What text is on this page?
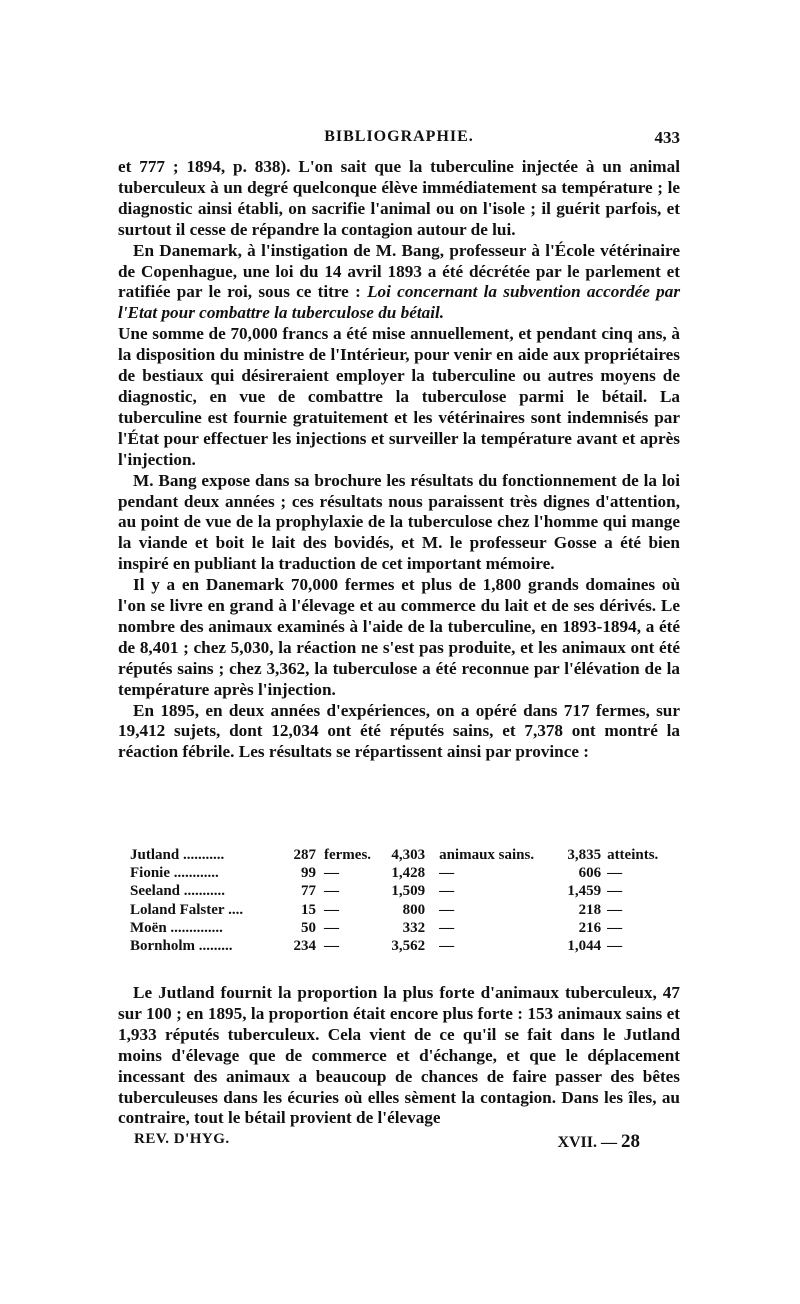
BIBLIOGRAPHIE.	433

et 777 ; 1894, p. 838). L'on sait que la tuberculine injectée à un animal tuberculeux à un degré quelconque élève immédiatement sa température ; le diagnostic ainsi établi, on sacrifie l'animal ou on l'isole ; il guérit parfois, et surtout il cesse de répandre la contagion autour de lui.

En Danemark, à l'instigation de M. Bang, professeur à l'École vétérinaire de Copenhague, une loi du 14 avril 1893 a été décrétée par le parlement et ratifiée par le roi, sous ce titre : Loi concernant la subvention accordée par l'Etat pour combattre la tuberculose du bétail.

Une somme de 70,000 francs a été mise annuellement, et pendant cinq ans, à la disposition du ministre de l'Intérieur, pour venir en aide aux propriétaires de bestiaux qui désireraient employer la tuberculine ou autres moyens de diagnostic, en vue de combattre la tuberculose parmi le bétail. La tuberculine est fournie gratuitement et les vétérinaires sont indemnisés par l'État pour effectuer les injections et surveiller la température avant et après l'injection.

M. Bang expose dans sa brochure les résultats du fonctionnement de la loi pendant deux années ; ces résultats nous paraissent très dignes d'attention, au point de vue de la prophylaxie de la tuberculose chez l'homme qui mange la viande et boit le lait des bovidés, et M. le professeur Gosse a été bien inspiré en publiant la traduction de cet important mémoire.

Il y a en Danemark 70,000 fermes et plus de 1,800 grands domaines où l'on se livre en grand à l'élevage et au commerce du lait et de ses dérivés. Le nombre des animaux examinés à l'aide de la tuberculine, en 1893-1894, a été de 8,401 ; chez 5,030, la réaction ne s'est pas produite, et les animaux ont été réputés sains ; chez 3,362, la tuberculose a été reconnue par l'élévation de la température après l'injection.

En 1895, en deux années d'expériences, on a opéré dans 717 fermes, sur 19,412 sujets, dont 12,034 ont été réputés sains, et 7,378 ont montré la réaction fébrile. Les résultats se répartissent ainsi par province :

Jutland ...........	287	fermes.	4,303	animaux sains.	3,835	atteints.
Fionie ............	99	—	1,428	—	606	—
Seeland ...........	77	—	1,509	—	1,459	—
Loland Falster ....	15	—	800	—	218	—
Moën ..............	50	—	332	—	216	—
Bornholm .........	234	—	3,562	—	1,044	—

Le Jutland fournit la proportion la plus forte d'animaux tuberculeux, 47 sur 100 ; en 1895, la proportion était encore plus forte : 153 animaux sains et 1,933 réputés tuberculeux. Cela vient de ce qu'il se fait dans le Jutland moins d'élevage que de commerce et d'échange, et que le déplacement incessant des animaux a beaucoup de chances de faire passer des bêtes tuberculeuses dans les écuries où elles sèment la contagion. Dans les îles, au contraire, tout le bétail provient de l'élevage

REV. D'HYG.	XVII. — 28
